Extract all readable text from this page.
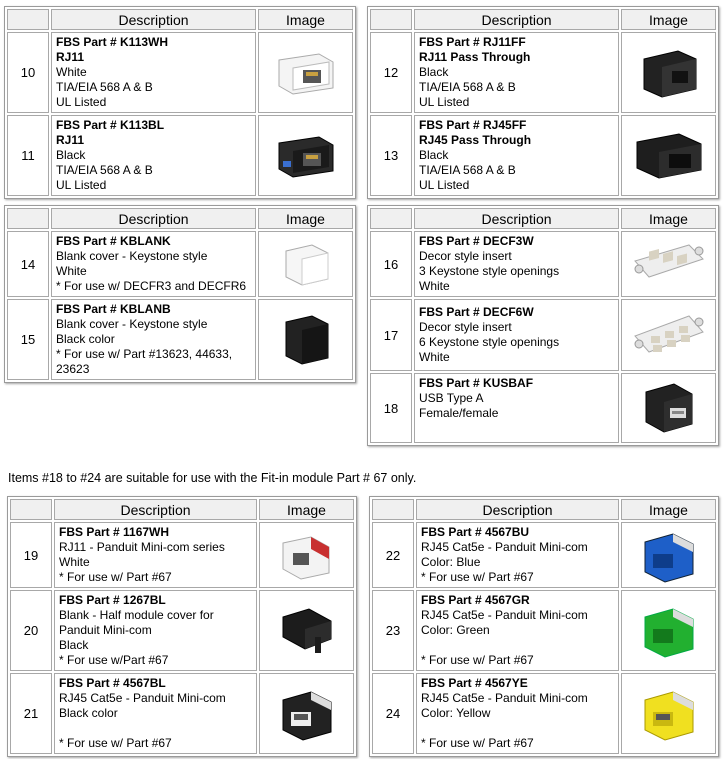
	Description	Image
10	FBS Part # K113WH
RJ11
White
TIA/EIA 568 A & B
UL Listed

11	FBS Part # K113BL
RJ11
Black
TIA/EIA 568 A & B
UL Listed

	Description	Image
12	FBS Part # RJ11FF
RJ11 Pass Through
Black
TIA/EIA 568 A & B
UL Listed

13	FBS Part # RJ45FF
RJ45 Pass Through
Black
TIA/EIA 568 A & B
UL Listed

	Description	Image
14	FBS Part # KBLANK
Blank cover - Keystone style
White
* For use w/ DECFR3 and DECFR6

15	FBS Part # KBLANB
Blank cover - Keystone style
Black color
* For use w/ Part #13623, 44633, 23623

	Description	Image
16	FBS Part # DECF3W
Decor style insert
3 Keystone style openings
White

17	FBS Part # DECF6W
Decor style insert
6 Keystone style openings
White

18	FBS Part # KUSBAF
USB Type A
Female/female

Items #18 to #24 are suitable for use with the Fit-in module Part # 67 only.
	Description	Image
19	FBS Part # 1167WH
RJ11 - Panduit Mini-com series
White
* For use w/ Part #67

20	FBS Part # 1267BL
Blank - Half module cover for Panduit Mini-com
Black
* For use w/Part #67

21	FBS Part # 4567BL
RJ45 Cat5e - Panduit Mini-com
Black color

* For use w/ Part #67

	Description	Image
22	FBS Part # 4567BU
RJ45 Cat5e - Panduit Mini-com
Color: Blue
* For use w/ Part #67

23	FBS Part # 4567GR
RJ45 Cat5e - Panduit Mini-com
Color: Green

* For use w/ Part #67

24	FBS Part # 4567YE
RJ45 Cat5e - Panduit Mini-com
Color: Yellow

* For use w/ Part #67
